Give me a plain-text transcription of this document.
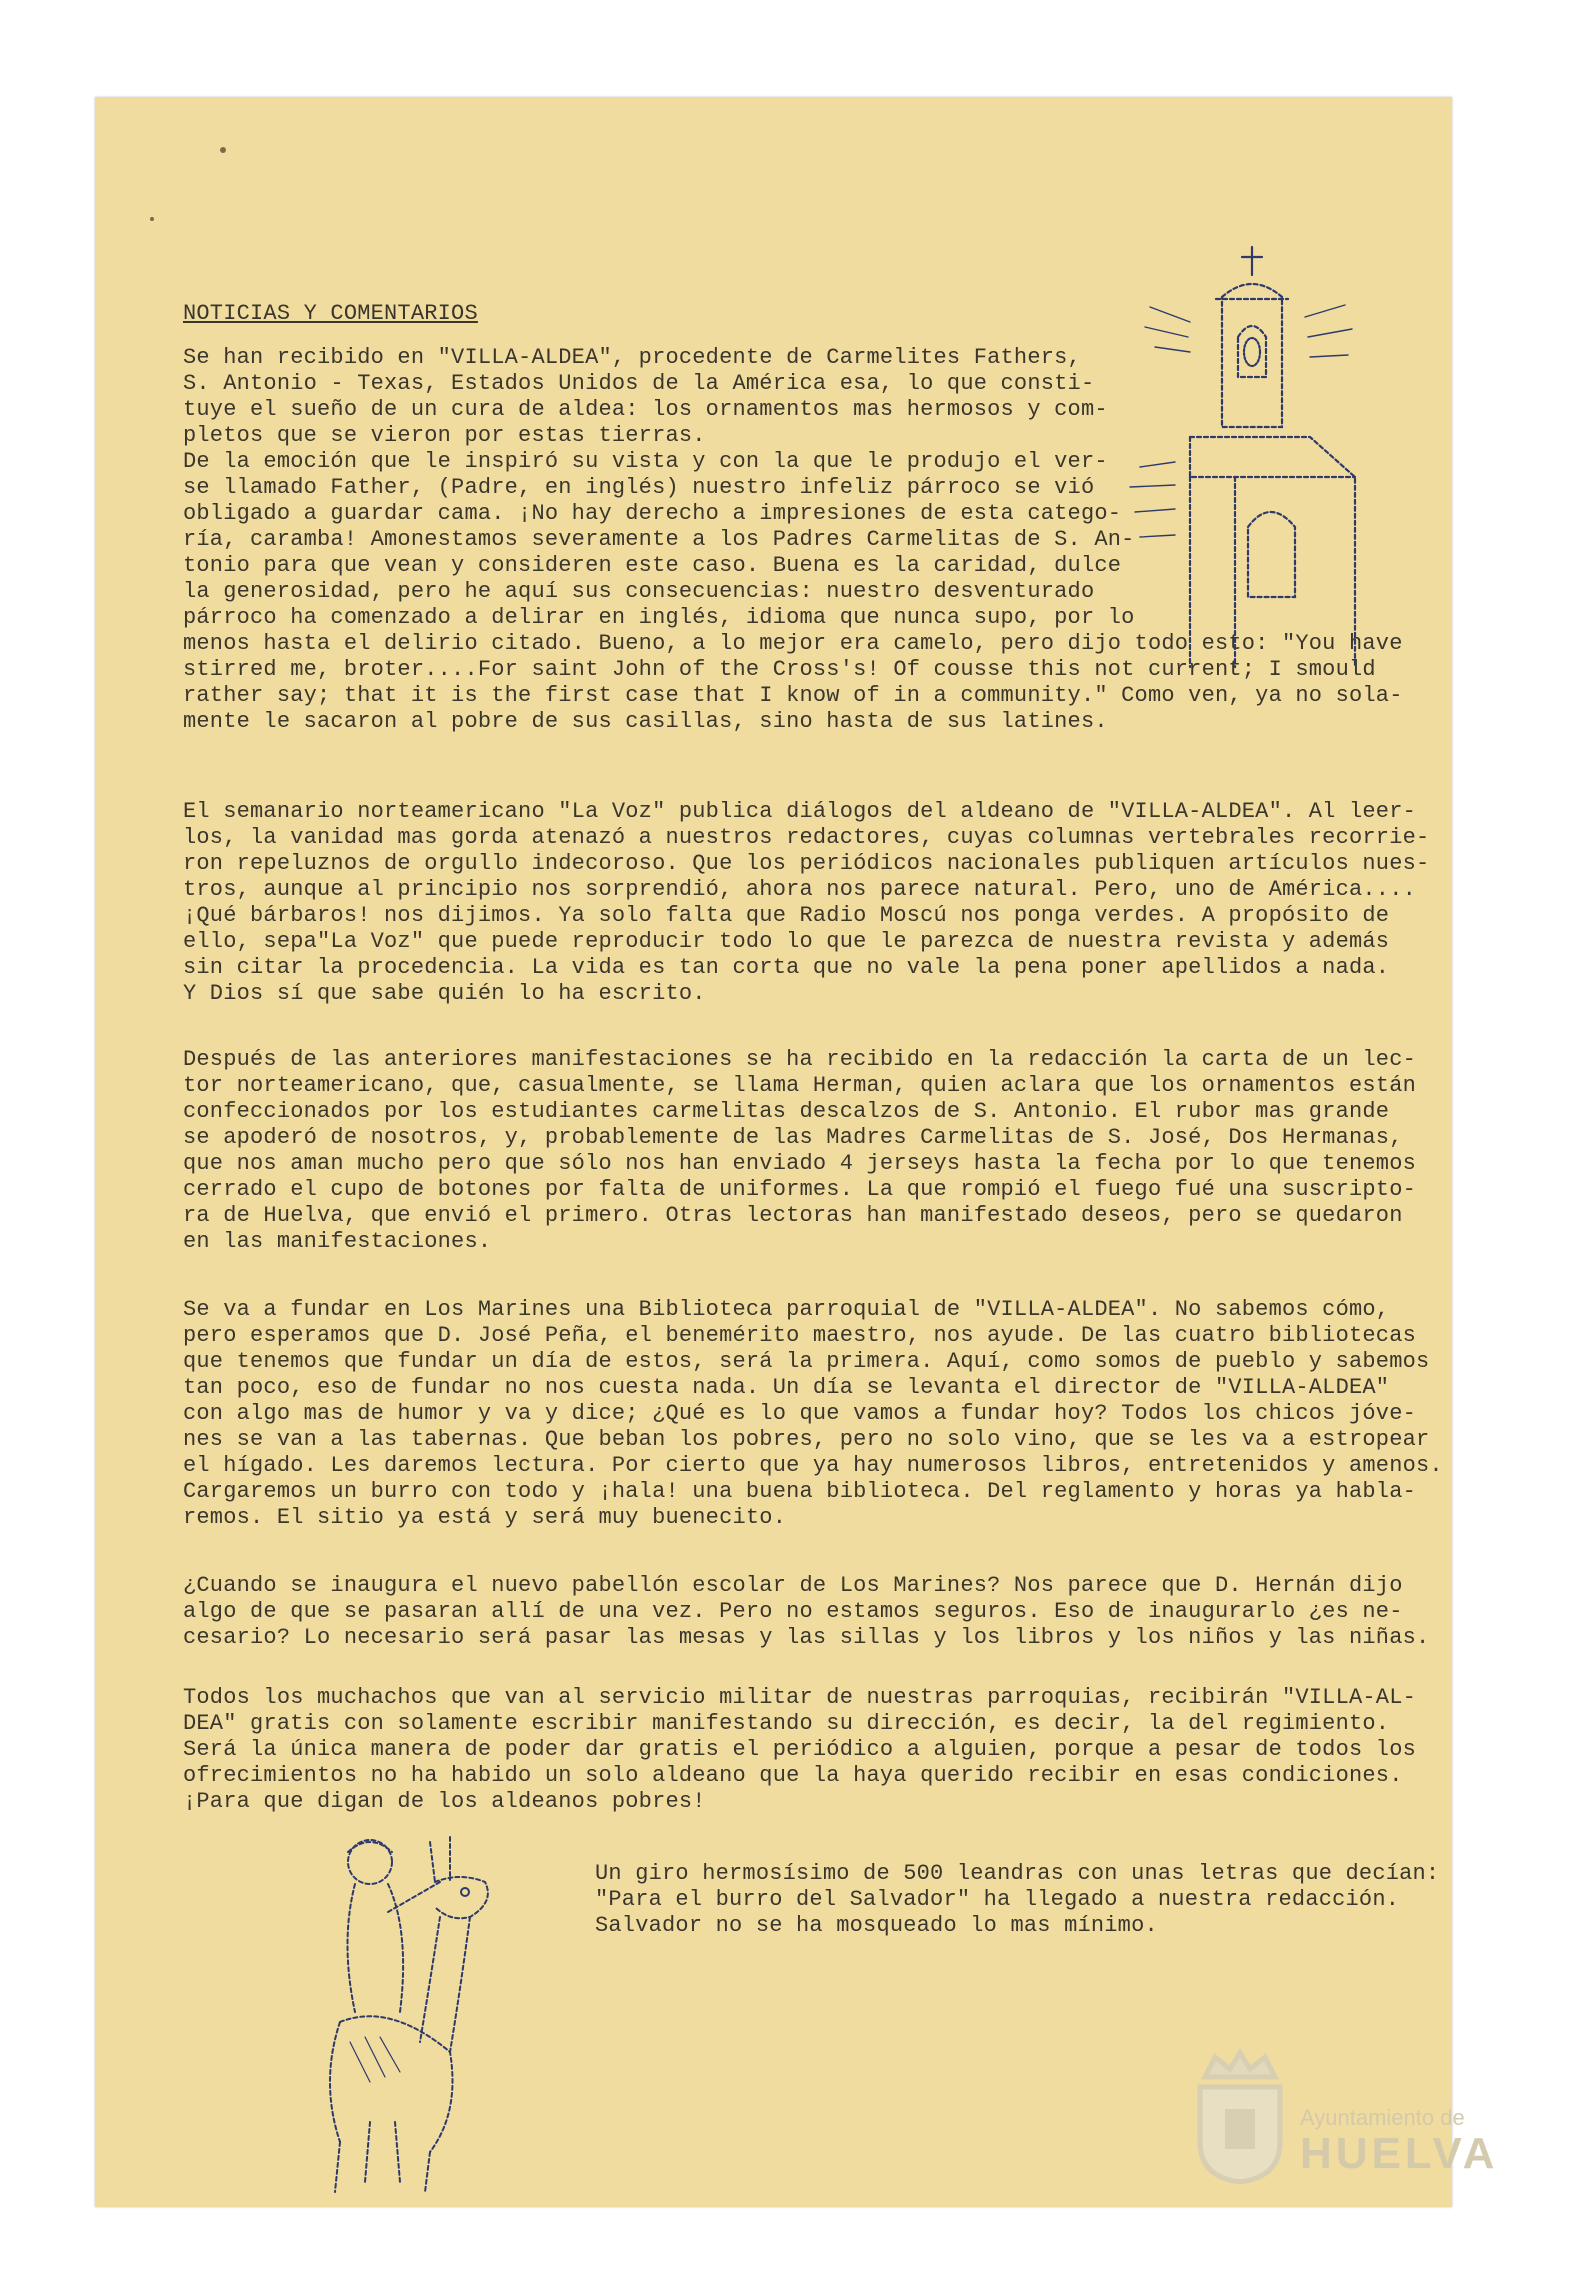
NOTICIAS Y COMENTARIOS
Se han recibido en "VILLA-ALDEA", procedente de Carmelites Fathers,
S. Antonio - Texas, Estados Unidos de la América esa, lo que consti-
tuye el sueño de un cura de aldea: los ornamentos mas hermosos y com-
pletos que se vieron por estas tierras.
De la emoción que le inspiró su vista y con la que le produjo el ver-
se llamado Father, (Padre, en inglés) nuestro infeliz párroco se vió
obligado a guardar cama. ¡No hay derecho a impresiones de esta catego-
ría, caramba! Amonestamos severamente a los Padres Carmelitas de S. An-
tonio para que vean y consideren este caso. Buena es la caridad, dulce
la generosidad, pero he aquí sus consecuencias: nuestro desventurado
párroco ha comenzado a delirar en inglés, idioma que nunca supo, por lo
menos hasta el delirio citado. Bueno, a lo mejor era camelo, pero dijo todo esto: "You have
stirred me, broter....For saint John of the Cross's! Of cousse this not current; I smould
rather say; that it is the first case that I know of in a community." Como ven, ya no sola-
mente le sacaron al pobre de sus casillas, sino hasta de sus latines.
El semanario norteamericano "La Voz" publica diálogos del aldeano de "VILLA-ALDEA". Al leer-
los, la vanidad mas gorda atenazó a nuestros redactores, cuyas columnas vertebrales recorrie-
ron repeluznos de orgullo indecoroso. Que los periódicos nacionales publiquen artículos nues-
tros, aunque al principio nos sorprendió, ahora nos parece natural. Pero, uno de América....
¡Qué bárbaros! nos dijimos. Ya solo falta que Radio Moscú nos ponga verdes. A propósito de
ello, sepa"La Voz" que puede reproducir todo lo que le parezca de nuestra revista y además
sin citar la procedencia. La vida es tan corta que no vale la pena poner apellidos a nada.
Y Dios sí que sabe quién lo ha escrito.
Después de las anteriores manifestaciones se ha recibido en la redacción la carta de un lec-
tor norteamericano, que, casualmente, se llama Herman, quien aclara que los ornamentos están
confeccionados por los estudiantes carmelitas descalzos de S. Antonio. El rubor mas grande
se apoderó de nosotros, y, probablemente de las Madres Carmelitas de S. José, Dos Hermanas,
que nos aman mucho pero que sólo nos han enviado 4 jerseys hasta la fecha por lo que tenemos
cerrado el cupo de botones por falta de uniformes. La que rompió el fuego fué una suscripto-
ra de Huelva, que envió el primero. Otras lectoras han manifestado deseos, pero se quedaron
en las manifestaciones.
Se va a fundar en Los Marines una Biblioteca parroquial de "VILLA-ALDEA". No sabemos cómo,
pero esperamos que D. José Peña, el benemérito maestro, nos ayude. De las cuatro bibliotecas
que tenemos que fundar un día de estos, será la primera. Aquí, como somos de pueblo y sabemos
tan poco, eso de fundar no nos cuesta nada. Un día se levanta el director de "VILLA-ALDEA"
con algo mas de humor y va y dice; ¿Qué es lo que vamos a fundar hoy? Todos los chicos jóve-
nes se van a las tabernas. Que beban los pobres, pero no solo vino, que se les va a estropear
el hígado. Les daremos lectura. Por cierto que ya hay numerosos libros, entretenidos y amenos.
Cargaremos un burro con todo y ¡hala! una buena biblioteca. Del reglamento y horas ya habla-
remos. El sitio ya está y será muy buenecito.
¿Cuando se inaugura el nuevo pabellón escolar de Los Marines? Nos parece que D. Hernán dijo
algo de que se pasaran allí de una vez. Pero no estamos seguros. Eso de inaugurarlo ¿es ne-
cesario? Lo necesario será pasar las mesas y las sillas y los libros y los niños y las niñas.
Todos los muchachos que van al servicio militar de nuestras parroquias, recibirán "VILLA-AL-
DEA" gratis con solamente escribir manifestando su dirección, es decir, la del regimiento.
Será la única manera de poder dar gratis el periódico a alguien, porque a pesar de todos los
ofrecimientos no ha habido un solo aldeano que la haya querido recibir en esas condiciones.
¡Para que digan de los aldeanos pobres!
Un giro hermosísimo de 500 leandras con unas letras que decían:
"Para el burro del Salvador" ha llegado a nuestra redacción.
Salvador no se ha mosqueado lo mas mínimo.
Ayuntamiento de
HUELVA
